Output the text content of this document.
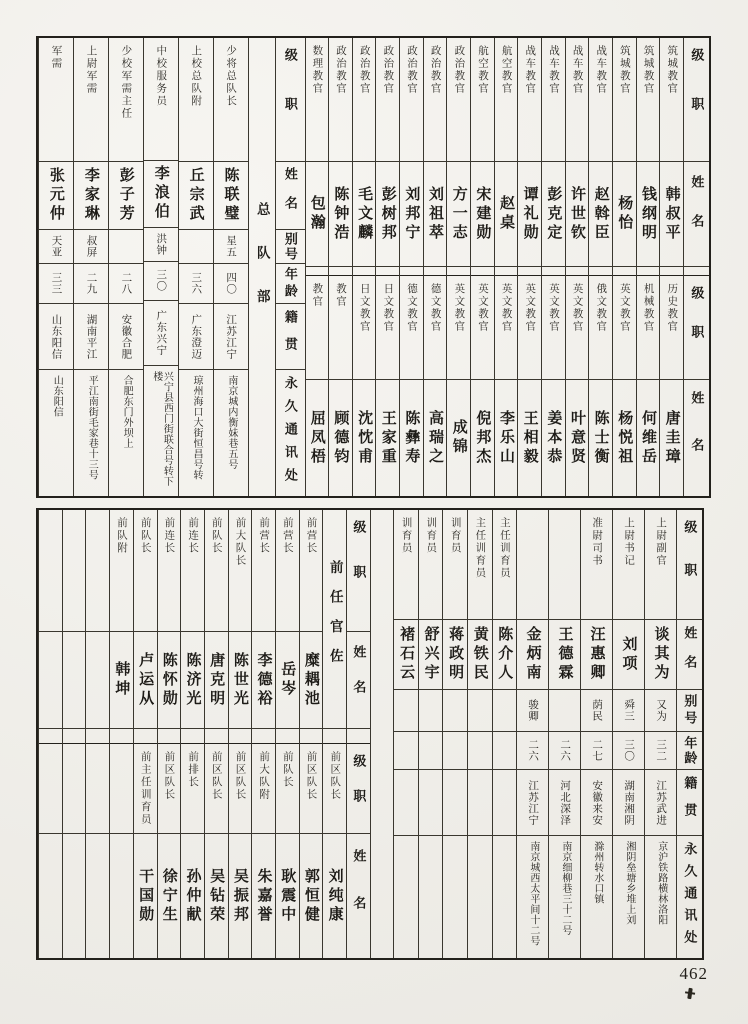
级职
姓名
级职
姓名
筑城教官
韩叔平
历史教官
唐圭璋
筑城教官
钱纲明
机械教官
何维岳
筑城教官
杨怡
英文教官
杨悦祖
战车教官
赵斡臣
俄文教官
陈士衡
战车教官
许世钦
英文教官
叶意贤
战车教官
彭克定
英文教官
姜本恭
战车教官
谭礼勋
英文教官
王相毅
航空教官
赵桌
英文教官
李乐山
航空教官
宋建勋
英文教官
倪邦杰
政治教官
方一志
英文教官
成锦
政治教官
刘祖萃
德文教官
高瑞之
政治教官
刘邦宁
德文教官
陈彝寿
政治教官
彭树邦
日文教官
王家重
政治教官
毛文麟
日文教官
沈忱甫
政治教官
陈钟浩
教官
顾德钧
数理教官
包瀚
教官
屈凤梧
级职
姓名
别号
年龄
籍贯
永久通讯处
总队部
少将总队长
陈联璧
星五
四〇
江苏江宁
南京城内衡妹巷五号
上校总队附
丘宗武
三六
广东澄迈
琼州海口大街恒昌号转
中校服务员
李浪伯
洪钟
三〇
广东兴宁
兴宁县西门街联合号转下楼
少校军需主任
彭子芳
二八
安徽合肥
合肥东门外坝上
上尉军需
李家琳
叔屏
二九
湖南平江
平江南街毛家巷十三号
军需
张元仲
天亚
三三
山东阳信
山东阳信
级职
姓名
别号
年龄
籍贯
永久通讯处
上尉副官
谈其为
又为
三二
江苏武进
京沪铁路横林洛阳
上尉书记
刘项
舜三
三〇
湖南湘阴
湘阴垒塘乡堆上刘
准尉司书
汪惠卿
荫民
二七
安徽来安
滁州转水口镇
王德霖
二六
河北深泽
南京细柳巷三十二号
金炳南
骏卿
二六
江苏江宁
南京城西太平间十二号
主任训育员
陈介人
主任训育员
黄铁民
训育员
蒋政明
训育员
舒兴宇
训育员
褚石云
级职
姓名
级职
姓名
前任官佐
前区队长
刘纯康
前营长
糜耦池
前区队长
郭恒健
前营长
岳岑
前队长
耿震中
前营长
李德裕
前大队附
朱嘉誉
前大队长
陈世光
前区队长
吴振邦
前队长
唐克明
前区队长
吴钻荣
前连长
陈济光
前排长
孙仲献
前连长
陈怀勋
前区队长
徐宁生
前队长
卢运从
前主任训育员
干国勋
前队附
韩坤
462
